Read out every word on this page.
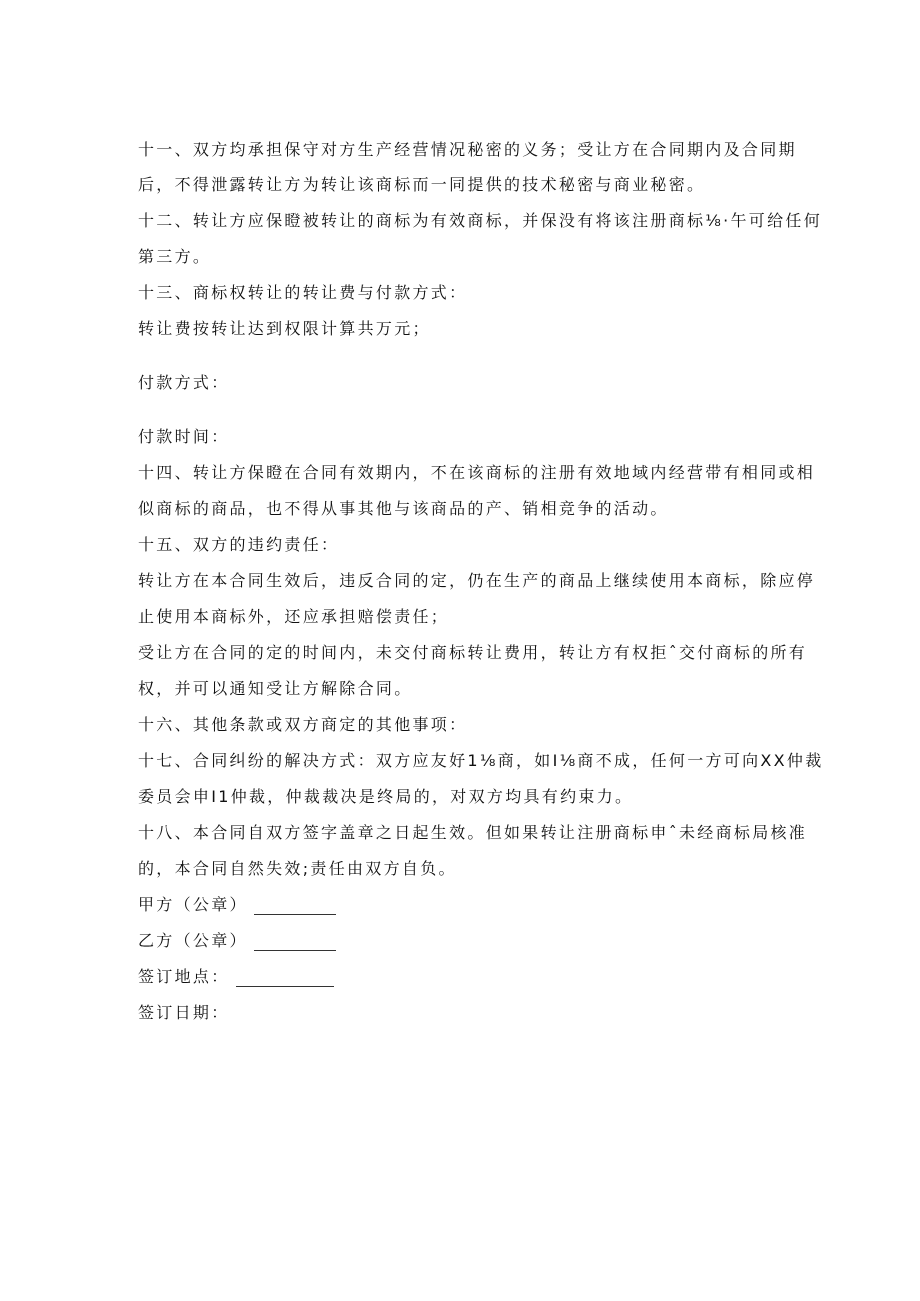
十一、双方均承担保守对方生产经营情况秘密的义务；受让方在合同期内及合同期
后，不得泄露转让方为转让该商标而一同提供的技术秘密与商业秘密。
十二、转让方应保瞪被转让的商标为有效商标，并保没有将该注册商标⅛·午可给任何
第三方。
十三、商标权转让的转让费与付款方式：
转让费按转让达到权限计算共万元；
付款方式：
付款时间：
十四、转让方保瞪在合同有效期内，不在该商标的注册有效地域内经营带有相同或相
似商标的商品，也不得从事其他与该商品的产、销相竞争的活动。
十五、双方的违约责任：
转让方在本合同生效后，违反合同的定，仍在生产的商品上继续使用本商标，除应停
止使用本商标外，还应承担赔偿责任；
受让方在合同的定的时间内，未交付商标转让费用，转让方有权拒ˆ交付商标的所有
权，并可以通知受让方解除合同。
十六、其他条款或双方商定的其他事项：
十七、合同纠纷的解决方式：双方应友好1⅛商，如I⅛商不成，任何一方可向XX仲裁
委员会申I1仲裁，仲裁裁决是终局的，对双方均具有约束力。
十八、本合同自双方签字盖章之日起生效。但如果转让注册商标申ˆ未经商标局核准
的，本合同自然失效;责任由双方自负。
甲方（公章）
乙方（公章）
签订地点：
签订日期：
